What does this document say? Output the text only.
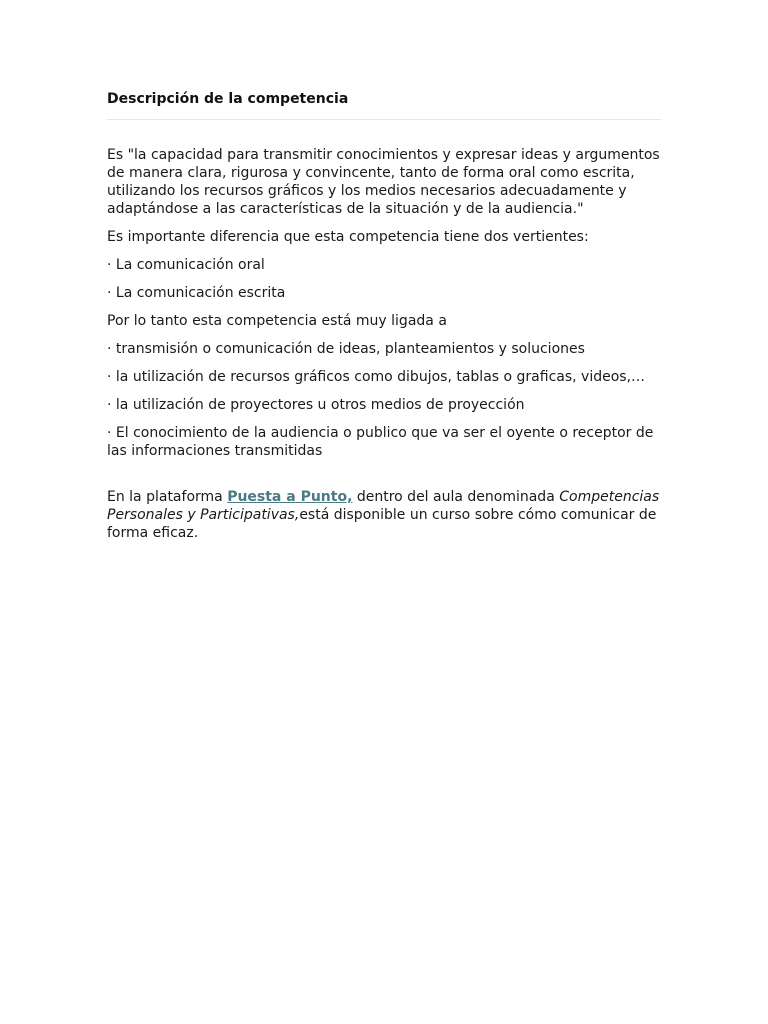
Descripción de la competencia

Es "la capacidad para transmitir conocimientos y expresar ideas y argumentos de manera clara, rigurosa y convincente, tanto de forma oral como escrita, utilizando los recursos gráficos y los medios necesarios adecuadamente y adaptándose a las características de la situación y de la audiencia."

Es importante diferencia que esta competencia tiene dos vertientes:

· La comunicación oral

· La comunicación escrita

Por lo tanto esta competencia está muy ligada a

· transmisión o comunicación de ideas, planteamientos y soluciones

· la utilización de recursos gráficos como dibujos, tablas o graficas, videos,…

· la utilización de proyectores u otros medios de proyección

· El conocimiento de la audiencia o publico que va ser el oyente o receptor de las informaciones transmitidas

En la plataforma Puesta a Punto, dentro del aula denominada Competencias Personales y Participativas,está disponible un curso sobre cómo comunicar de forma eficaz.
